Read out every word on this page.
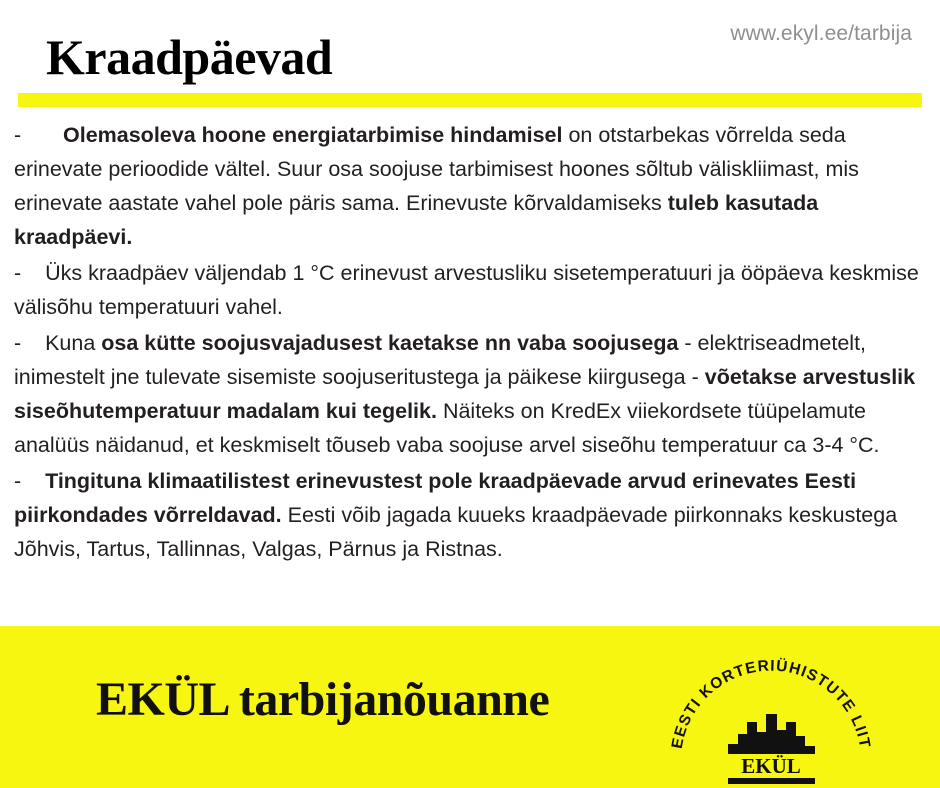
www.ekyl.ee/tarbija
Kraadpäevad

- Olemasoleva hoone energiatarbimise hindamisel on otstarbekas võrrelda seda erinevate perioodide vältel. Suur osa soojuse tarbimisest hoones sõltub väliskliimast, mis erinevate aastate vahel pole päris sama. Erinevuste kõrvaldamiseks tuleb kasutada kraadpäevi.

- Üks kraadpäev väljendab 1 °C erinevust arvestusliku sisetemperatuuri ja ööpäeva keskmise välisõhu temperatuuri vahel.

- Kuna osa kütte soojusvajadusest kaetakse nn vaba soojusega - elektriseadmetelt, inimestelt jne tulevate sisemiste soojuseritustega ja päikese kiirgusega - võetakse arvestuslik siseõhutemperatuur madalam kui tegelik. Näiteks on KredEx viiekordsete tüüpelamute analüüs näidanud, et keskmiselt tõuseb vaba soojuse arvel siseõhu temperatuur ca 3-4 °C.

- Tingituna klimaatilistest erinevustest pole kraadpäevade arvud erinevates Eesti piirkondades võrreldavad. Eesti võib jagada kuueks kraadpäevade piirkonnaks keskustega Jõhvis, Tartus, Tallinnas, Valgas, Pärnus ja Ristnas.

EKÜL tarbijanõuanne
EKÜL
EESTI KORTERIÜHISTUTE LIIT
